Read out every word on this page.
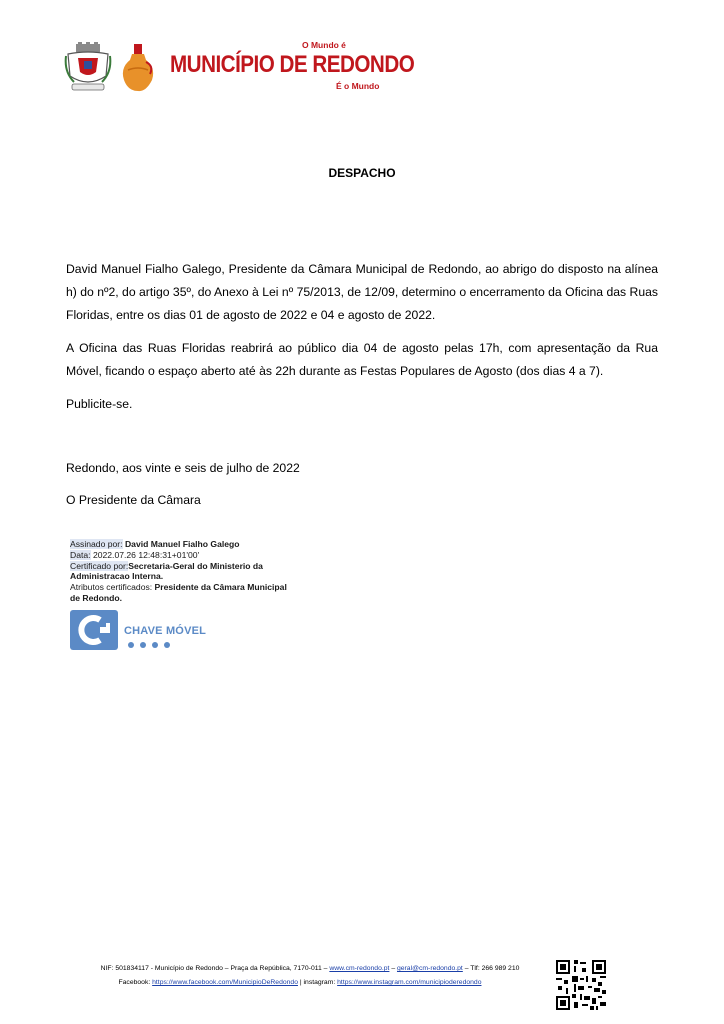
O Mundo é
MUNICÍPIO DE REDONDO
É o Mundo
DESPACHO

David Manuel Fialho Galego, Presidente da Câmara Municipal de Redondo, ao abrigo do disposto na alínea h) do nº2, do artigo 35º, do Anexo à Lei nº 75/2013, de 12/09, determino o encerramento da Oficina das Ruas Floridas, entre os dias 01 de agosto de 2022 e 04 e agosto de 2022.

A Oficina das Ruas Floridas reabrirá ao público dia 04 de agosto pelas 17h, com apresentação da Rua Móvel, ficando o espaço aberto até às 22h durante as Festas Populares de Agosto (dos dias 4 a 7).

Publicite-se.

Redondo, aos vinte e seis de julho de 2022
O Presidente da Câmara
Assinado por: David Manuel Fialho Galego
Data: 2022.07.26 12:48:31+01'00'
Certificado por:Secretaria-Geral do Ministerio da Administracao Interna.
Atributos certificados: Presidente da Câmara Municipal de Redondo.
CHAVE MÓVEL
NIF: 501834117 - Município de Redondo – Praça da República, 7170-011 – www.cm-redondo.pt – geral@cm-redondo.pt – Tlf: 266 989 210
Facebook: https://www.facebook.com/MunicipioDeRedondo | instagram: https://www.instagram.com/municipioderedondo
